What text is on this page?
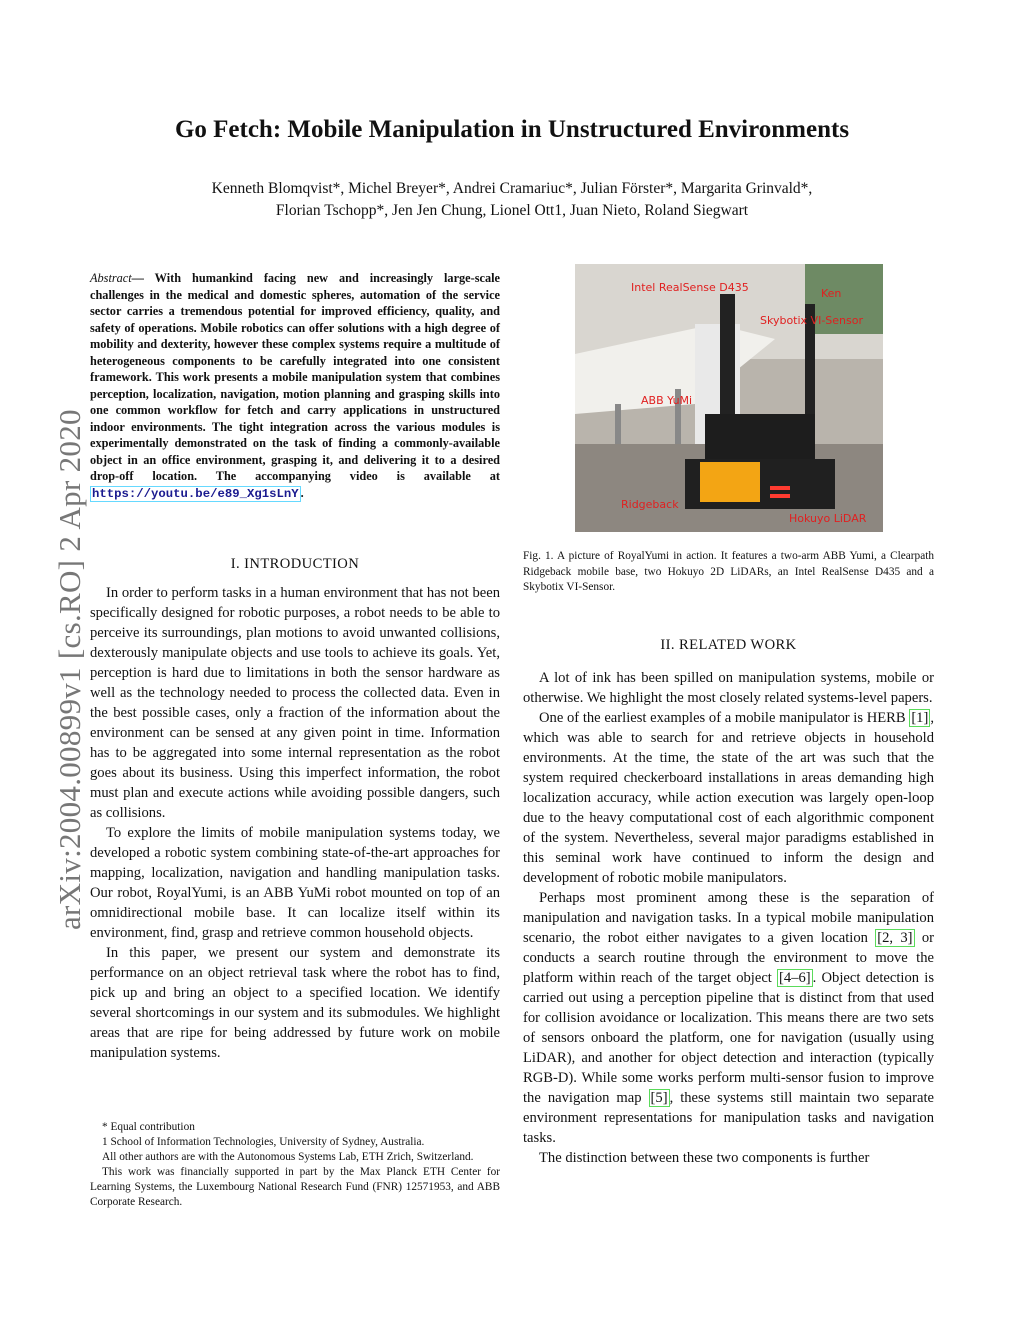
arXiv:2004.00899v1 [cs.RO] 2 Apr 2020
Go Fetch: Mobile Manipulation in Unstructured Environments
Kenneth Blomqvist*, Michel Breyer*, Andrei Cramariuc*, Julian Förster*, Margarita Grinvald*,
Florian Tschopp*, Jen Jen Chung, Lionel Ott1, Juan Nieto, Roland Siegwart
Abstract— With humankind facing new and increasingly large-scale challenges in the medical and domestic spheres, automation of the service sector carries a tremendous potential for improved efficiency, quality, and safety of operations. Mobile robotics can offer solutions with a high degree of mobility and dexterity, however these complex systems require a multitude of heterogeneous components to be carefully integrated into one consistent framework. This work presents a mobile manipulation system that combines perception, localization, navigation, motion planning and grasping skills into one common workflow for fetch and carry applications in unstructured indoor environments. The tight integration across the various modules is experimentally demonstrated on the task of finding a commonly-available object in an office environment, grasping it, and delivering it to a desired drop-off location. The accompanying video is available at https://youtu.be/e89_Xg1sLnY .
I. INTRODUCTION

In order to perform tasks in a human environment that has not been specifically designed for robotic purposes, a robot needs to be able to perceive its surroundings, plan motions to avoid unwanted collisions, dexterously manipulate objects and use tools to achieve its goals. Yet, perception is hard due to limitations in both the sensor hardware as well as the technology needed to process the collected data. Even in the best possible cases, only a fraction of the information about the environment can be sensed at any given point in time. Information has to be aggregated into some internal representation as the robot goes about its business. Using this imperfect information, the robot must plan and execute actions while avoiding possible dangers, such as collisions.

To explore the limits of mobile manipulation systems today, we developed a robotic system combining state-of-the-art approaches for mapping, localization, navigation and handling manipulation tasks. Our robot, RoyalYumi, is an ABB YuMi robot mounted on top of an omnidirectional mobile base. It can localize itself within its environment, find, grasp and retrieve common household objects.

In this paper, we present our system and demonstrate its performance on an object retrieval task where the robot has to find, pick up and bring an object to a specified location. We identify several shortcomings in our system and its submodules. We highlight areas that are ripe for being addressed by future work on mobile manipulation systems.

* Equal contribution

1 School of Information Technologies, University of Sydney, Australia.

All other authors are with the Autonomous Systems Lab, ETH Zrich, Switzerland.

This work was financially supported in part by the Max Planck ETH Center for Learning Systems, the Luxembourg National Research Fund (FNR) 12571953, and ABB Corporate Research.

Intel RealSense D435	Ken
Skybotix VI-Sensor
ABB YuMi
Ridgeback
Hokuyo LiDAR
Fig. 1. A picture of RoyalYumi in action. It features a two-arm ABB Yumi, a Clearpath Ridgeback mobile base, two Hokuyo 2D LiDARs, an Intel RealSense D435 and a Skybotix VI-Sensor.
II. RELATED WORK

A lot of ink has been spilled on manipulation systems, mobile or otherwise. We highlight the most closely related systems-level papers.

One of the earliest examples of a mobile manipulator is HERB [1] , which was able to search for and retrieve objects in household environments. At the time, the state of the art was such that the system required checkerboard installations in areas demanding high localization accuracy, while action execution was largely open-loop due to the heavy computational cost of each algorithmic component of the system. Nevertheless, several major paradigms established in this seminal work have continued to inform the design and development of robotic mobile manipulators.

Perhaps most prominent among these is the separation of manipulation and navigation tasks. In a typical mobile manipulation scenario, the robot either navigates to a given location [2, 3] or conducts a search routine through the environment to move the platform within reach of the target object [4–6] . Object detection is carried out using a perception pipeline that is distinct from that used for collision avoidance or localization. This means there are two sets of sensors onboard the platform, one for navigation (usually using LiDAR), and another for object detection and interaction (typically RGB-D). While some works perform multi-sensor fusion to improve the navigation map [5] , these systems still maintain two separate environment representations for manipulation tasks and navigation tasks.

The distinction between these two components is further
